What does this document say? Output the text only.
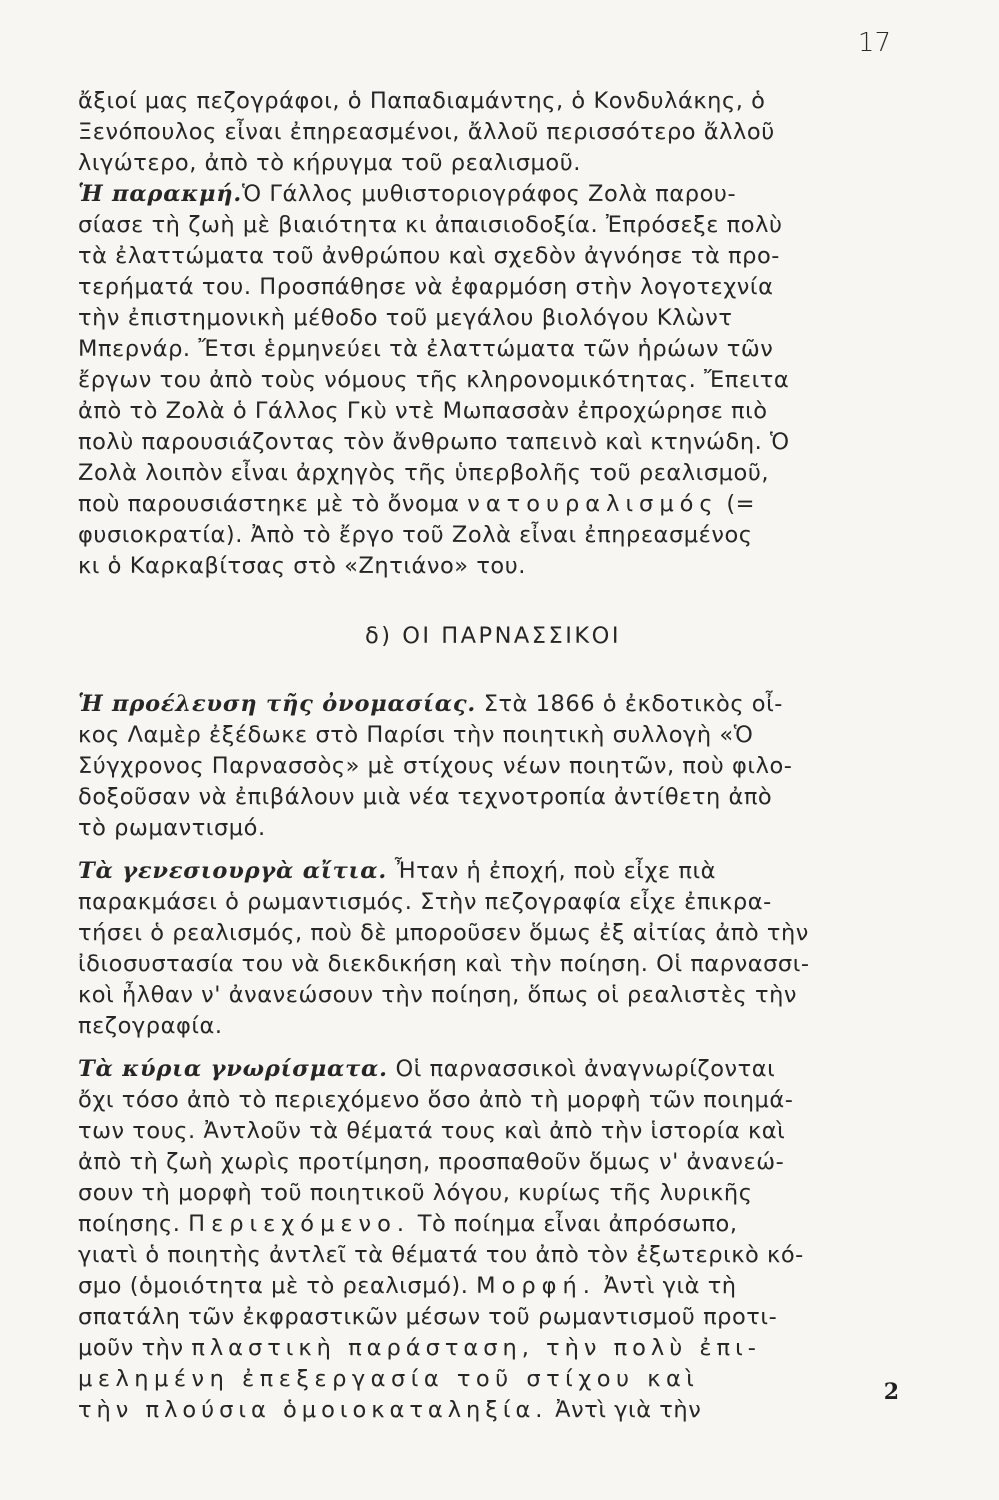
17
ἄξιοί μας πεζογράφοι, ὁ Παπαδιαμάντης, ὁ Κονδυλάκης, ὁ
Ξενόπουλος εἶναι ἐπηρεασμένοι, ἄλλοῦ περισσότερο ἄλλοῦ
λιγώτερο, ἀπὸ τὸ κήρυγμα τοῦ ρεαλισμοῦ.
Ἡ παρακμή.Ὁ Γάλλος μυθιστοριογράφος Ζολὰ παρου-
σίασε τὴ ζωὴ μὲ βιαιότητα κι ἀπαισιοδοξία. Ἐπρόσεξε πολὺ
τὰ ἐλαττώματα τοῦ ἀνθρώπου καὶ σχεδὸν ἀγνόησε τὰ προ-
τερήματά του. Προσπάθησε νὰ ἐφαρμόση στὴν λογοτεχνία
τὴν ἐπιστημονικὴ μέθοδο τοῦ μεγάλου βιολόγου Κλὼντ
Μπερνάρ. Ἔτσι ἑρμηνεύει τὰ ἐλαττώματα τῶν ἡρώων τῶν
ἔργων του ἀπὸ τοὺς νόμους τῆς κληρονομικότητας. Ἔπειτα
ἀπὸ τὸ Ζολὰ ὁ Γάλλος Γκὺ ντὲ Μωπασσὰν ἐπροχώρησε πιὸ
πολὺ παρουσιάζοντας τὸν ἄνθρωπο ταπεινὸ καὶ κτηνώδη. Ὁ
Ζολὰ λοιπὸν εἶναι ἀρχηγὸς τῆς ὑπερβολῆς τοῦ ρεαλισμοῦ,
ποὺ παρουσιάστηκε μὲ τὸ ὄνομα νατουραλισμός (=
φυσιοκρατία). Ἀπὸ τὸ ἔργο τοῦ Ζολὰ εἶναι ἐπηρεασμένος
κι ὁ Καρκαβίτσας στὸ «Ζητιάνο» του.
δ) ΟΙ ΠΑΡΝΑΣΣΙΚΟΙ
Ἡ προέλευση τῆς ὀνομασίας. Στὰ 1866 ὁ ἐκδοτικὸς οἶ-
κος Λαμὲρ ἐξέδωκε στὸ Παρίσι τὴν ποιητικὴ συλλογὴ «Ὁ
Σύγχρονος Παρνασσὸς» μὲ στίχους νέων ποιητῶν, ποὺ φιλο-
δοξοῦσαν νὰ ἐπιβάλουν μιὰ νέα τεχνοτροπία ἀντίθετη ἀπὸ
τὸ ρωμαντισμό.
Τὰ γενεσιουργὰ αἴτια. Ἦταν ἡ ἐποχή, ποὺ εἶχε πιὰ
παρακμάσει ὁ ρωμαντισμός. Στὴν πεζογραφία εἶχε ἐπικρα-
τήσει ὁ ρεαλισμός, ποὺ δὲ μποροῦσεν ὅμως ἐξ αἰτίας ἀπὸ τὴν
ἰδιοσυστασία του νὰ διεκδικήση καὶ τὴν ποίηση. Οἱ παρνασσι-
κοὶ ἦλθαν ν' ἀνανεώσουν τὴν ποίηση, ὅπως οἱ ρεαλιστὲς τὴν
πεζογραφία.
Τὰ κύρια γνωρίσματα. Οἱ παρνασσικοὶ ἀναγνωρίζονται
ὄχι τόσο ἀπὸ τὸ περιεχόμενο ὅσο ἀπὸ τὴ μορφὴ τῶν ποιημά-
των τους. Ἀντλοῦν τὰ θέματά τους καὶ ἀπὸ τὴν ἱστορία καὶ
ἀπὸ τὴ ζωὴ χωρὶς προτίμηση, προσπαθοῦν ὅμως ν' ἀνανεώ-
σουν τὴ μορφὴ τοῦ ποιητικοῦ λόγου, κυρίως τῆς λυρικῆς
ποίησης. Περιεχόμενο. Τὸ ποίημα εἶναι ἀπρόσωπο,
γιατὶ ὁ ποιητὴς ἀντλεῖ τὰ θέματά του ἀπὸ τὸν ἐξωτερικὸ κό-
σμο (ὁμοιότητα μὲ τὸ ρεαλισμό). Μορφή. Ἀντὶ γιὰ τὴ
σπατάλη τῶν ἐκφραστικῶν μέσων τοῦ ρωμαντισμοῦ προτι-
μοῦν τὴν πλαστικὴ παράσταση, τὴν πολὺ ἐπι-
μελημένη ἐπεξεργασία τοῦ στίχου καὶ
τὴν πλούσια ὁμοιοκαταληξία. Ἀντὶ γιὰ τὴν
2
